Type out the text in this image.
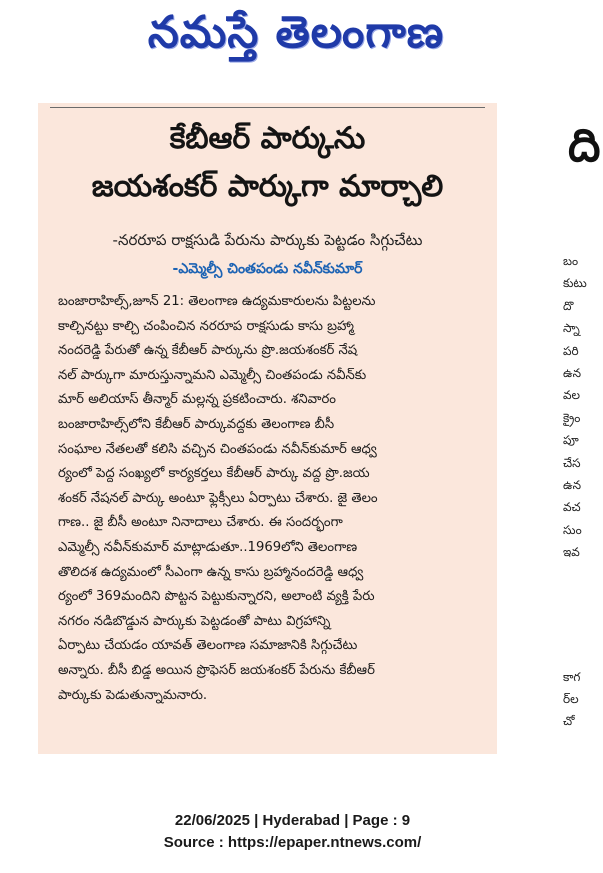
నమస్తే తెలంగాణ
కేబీఆర్ పార్కును
జయశంకర్ పార్కుగా మార్చాలి
-నరరూప రాక్షసుడి పేరును పార్కుకు పెట్టడం సిగ్గుచేటు
-ఎమ్మెల్సీ చింతపండు నవీన్‌కుమార్
బంజారాహిల్స్,జూన్ 21: తెలంగాణ ఉద్యమకారులను పిట్టలను
కాల్చినట్టు కాల్చి చంపించిన నరరూప రాక్షసుడు కాసు బ్రహ్మా
నందరెడ్డి పేరుతో ఉన్న కేబీఆర్ పార్కును ప్రొ.జయశంకర్ నేష
నల్ పార్కుగా మారుస్తున్నామని ఎమ్మెల్సీ చింతపండు నవీన్‌కు
మార్ అలియాస్ తీన్మార్ మల్లన్న ప్రకటించారు. శనివారం
బంజారాహిల్స్‌లోని కేబీఆర్ పార్కువద్దకు తెలంగాణ బీసీ
సంఘాల నేతలతో కలిసి వచ్చిన చింతపండు నవీన్‌కుమార్ ఆధ్వ
ర్యంలో పెద్ద సంఖ్యలో కార్యకర్తలు కేబీఆర్ పార్కు వద్ద ప్రొ.జయ
శంకర్ నేషనల్ పార్కు అంటూ ఫ్లెక్సీలు ఏర్పాటు చేశారు. జై తెలం
గాణ.. జై బీసీ అంటూ నినాదాలు చేశారు. ఈ సందర్భంగా
ఎమ్మెల్సీ నవీన్‌కుమార్ మాట్లాడుతూ..1969లోని తెలంగాణ
తొలిదశ ఉద్యమంలో సీఎంగా ఉన్న కాసు బ్రహ్మానందరెడ్డి ఆధ్వ
ర్యంలో 369మందిని పొట్టన పెట్టుకున్నారని, అలాంటి వ్యక్తి పేరు
నగరం నడిబొడ్డున పార్కుకు పెట్టడంతో పాటు విగ్రహాన్ని
ఏర్పాటు చేయడం యావత్ తెలంగాణ సమాజానికి సిగ్గుచేటు
అన్నారు. బీసీ బిడ్డ అయిన ప్రొఫెసర్ జయశంకర్ పేరును కేబీఆర్
పార్కుకు పెడుతున్నామనారు.
ది
బం
కుటు
దొ
స్నా
పరి
ఉన
వల
క్రైం
పూ
చేస
ఉన
వచ
సుం
ఇవ
కాగ
ర్‌ల
చో
22/06/2025 | Hyderabad | Page : 9
Source : https://epaper.ntnews.com/
